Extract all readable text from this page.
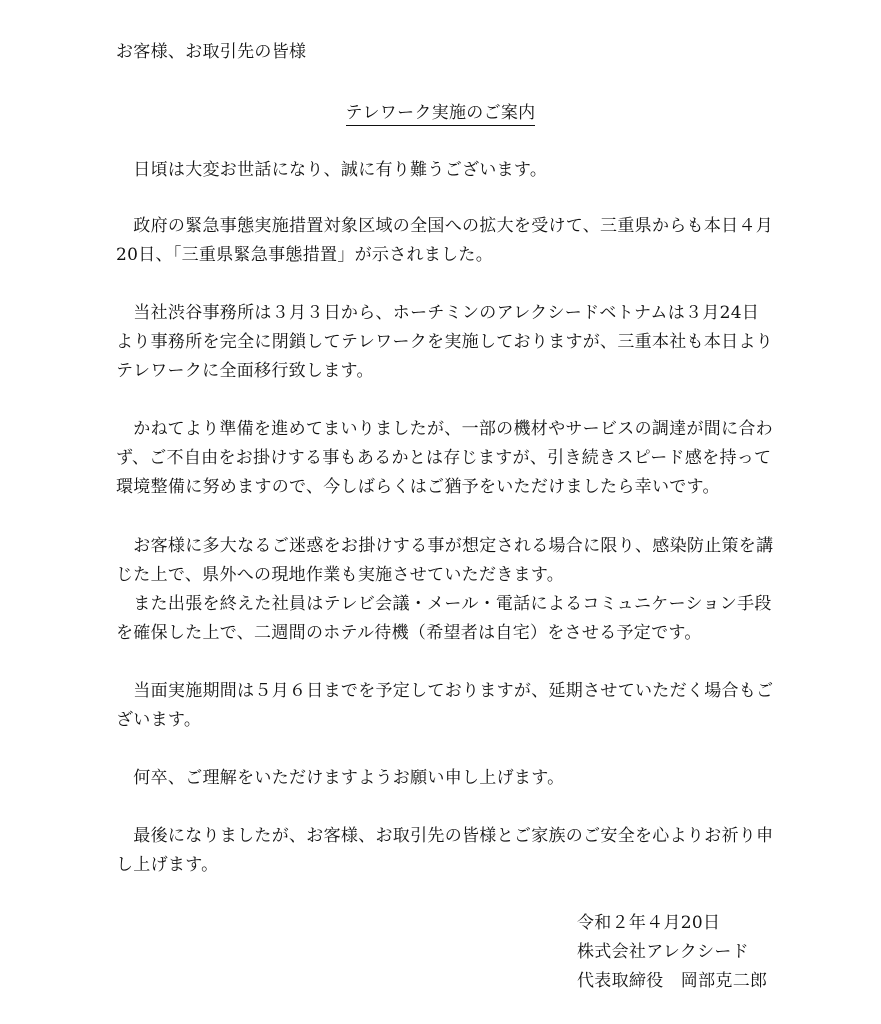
お客様、お取引先の皆様
テレワーク実施のご案内
　日頃は大変お世話になり、誠に有り難うございます。
　政府の緊急事態実施措置対象区域の全国への拡大を受けて、三重県からも本日４月
20日、「三重県緊急事態措置」が示されました。
　当社渋谷事務所は３月３日から、ホーチミンのアレクシードベトナムは３月24日
より事務所を完全に閉鎖してテレワークを実施しておりますが、三重本社も本日より
テレワークに全面移行致します。
　かねてより準備を進めてまいりましたが、一部の機材やサービスの調達が間に合わ
ず、ご不自由をお掛けする事もあるかとは存じますが、引き続きスピード感を持って
環境整備に努めますので、今しばらくはご猶予をいただけましたら幸いです。
　お客様に多大なるご迷惑をお掛けする事が想定される場合に限り、感染防止策を講
じた上で、県外への現地作業も実施させていただきます。
　また出張を終えた社員はテレビ会議・メール・電話によるコミュニケーション手段
を確保した上で、二週間のホテル待機（希望者は自宅）をさせる予定です。
　当面実施期間は５月６日までを予定しておりますが、延期させていただく場合もご
ざいます。
　何卒、ご理解をいただけますようお願い申し上げます。
　最後になりましたが、お客様、お取引先の皆様とご家族のご安全を心よりお祈り申
し上げます。
令和２年４月20日
株式会社アレクシード
代表取締役　岡部克二郎
